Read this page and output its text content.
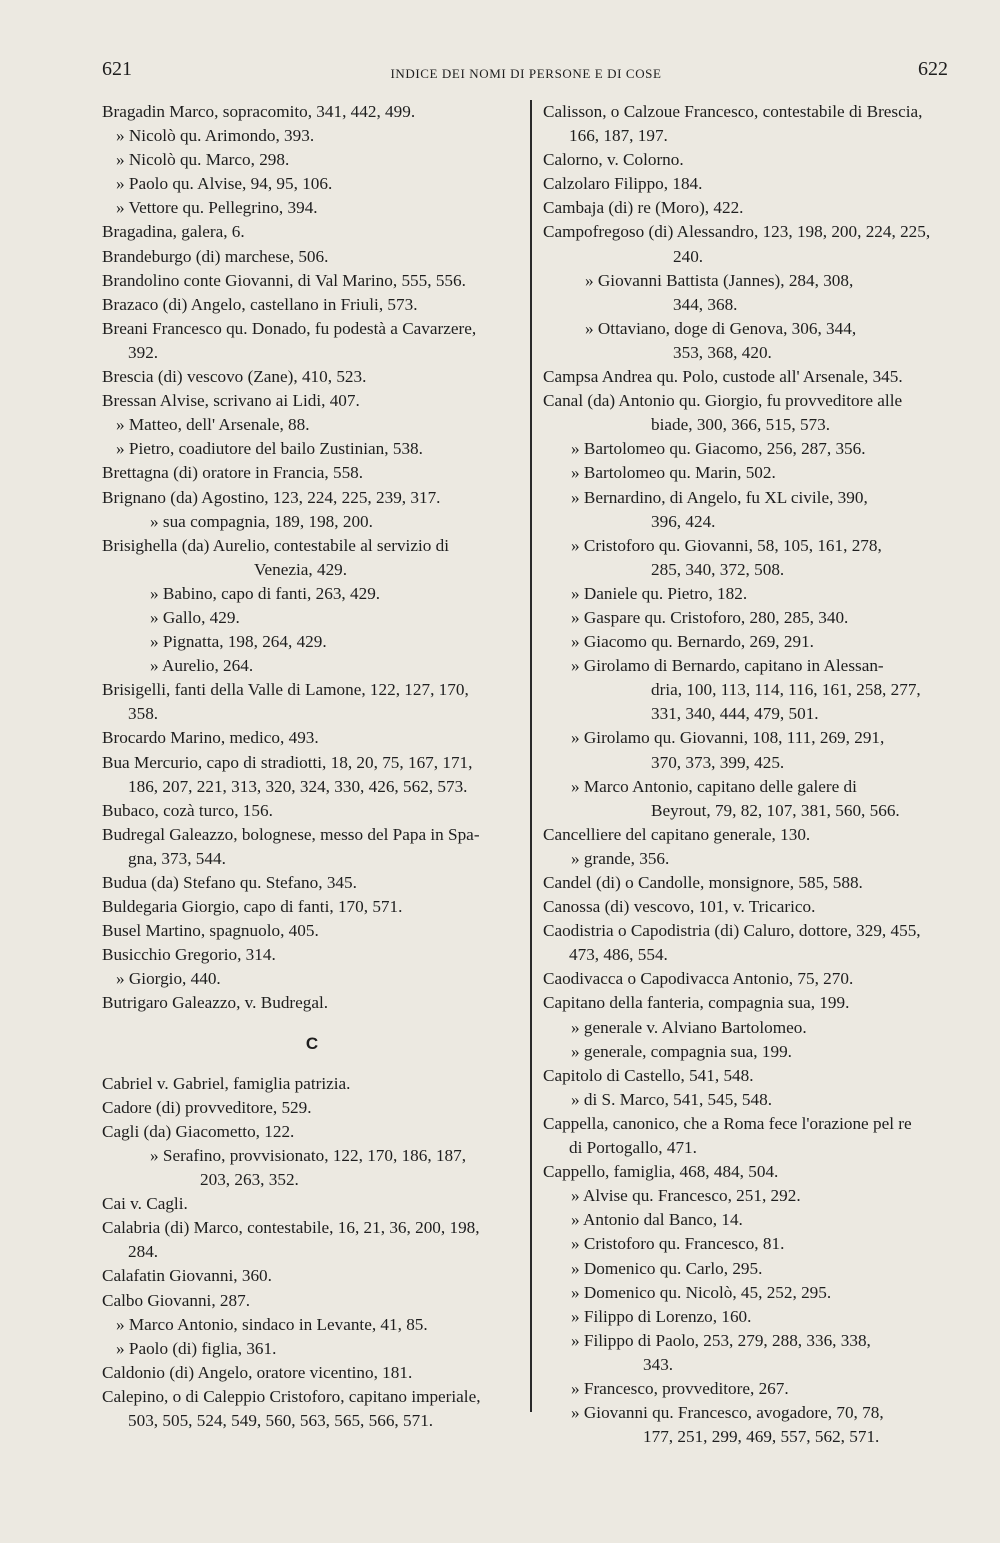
621	INDICE DEI NOMI DI PERSONE E DI COSE	622
Bragadin Marco, sopracomito, 341, 442, 499.
» Nicolò qu. Arimondo, 393.
» Nicolò qu. Marco, 298.
» Paolo qu. Alvise, 94, 95, 106.
» Vettore qu. Pellegrino, 394.
Bragadina, galera, 6.
Brandeburgo (di) marchese, 506.
Brandolino conte Giovanni, di Val Marino, 555, 556.
Brazaco (di) Angelo, castellano in Friuli, 573.
Breani Francesco qu. Donado, fu podestà a Cavarzere,
392.
Brescia (di) vescovo (Zane), 410, 523.
Bressan Alvise, scrivano ai Lidi, 407.
» Matteo, dell' Arsenale, 88.
» Pietro, coadiutore del bailo Zustinian, 538.
Brettagna (di) oratore in Francia, 558.
Brignano (da) Agostino, 123, 224, 225, 239, 317.
» sua compagnia, 189, 198, 200.
Brisighella (da) Aurelio, contestabile al servizio di
Venezia, 429.
» Babino, capo di fanti, 263, 429.
» Gallo, 429.
» Pignatta, 198, 264, 429.
» Aurelio, 264.
Brisigelli, fanti della Valle di Lamone, 122, 127, 170,
358.
Brocardo Marino, medico, 493.
Bua Mercurio, capo di stradiotti, 18, 20, 75, 167, 171,
186, 207, 221, 313, 320, 324, 330, 426, 562, 573.
Bubaco, cozà turco, 156.
Budregal Galeazzo, bolognese, messo del Papa in Spa-
gna, 373, 544.
Budua (da) Stefano qu. Stefano, 345.
Buldegaria Giorgio, capo di fanti, 170, 571.
Busel Martino, spagnuolo, 405.
Busicchio Gregorio, 314.
» Giorgio, 440.
Butrigaro Galeazzo, v. Budregal.
C
Cabriel v. Gabriel, famiglia patrizia.
Cadore (di) provveditore, 529.
Cagli (da) Giacometto, 122.
» Serafino, provvisionato, 122, 170, 186, 187,
203, 263, 352.
Cai v. Cagli.
Calabria (di) Marco, contestabile, 16, 21, 36, 200, 198,
284.
Calafatin Giovanni, 360.
Calbo Giovanni, 287.
» Marco Antonio, sindaco in Levante, 41, 85.
» Paolo (di) figlia, 361.
Caldonio (di) Angelo, oratore vicentino, 181.
Calepino, o di Caleppio Cristoforo, capitano imperiale,
503, 505, 524, 549, 560, 563, 565, 566, 571.
Calisson, o Calzoue Francesco, contestabile di Brescia,
166, 187, 197.
Calorno, v. Colorno.
Calzolaro Filippo, 184.
Cambaja (di) re (Moro), 422.
Campofregoso (di) Alessandro, 123, 198, 200, 224, 225,
240.
» Giovanni Battista (Jannes), 284, 308,
344, 368.
» Ottaviano, doge di Genova, 306, 344,
353, 368, 420.
Campsa Andrea qu. Polo, custode all' Arsenale, 345.
Canal (da) Antonio qu. Giorgio, fu provveditore alle
biade, 300, 366, 515, 573.
» Bartolomeo qu. Giacomo, 256, 287, 356.
» Bartolomeo qu. Marin, 502.
» Bernardino, di Angelo, fu XL civile, 390,
396, 424.
» Cristoforo qu. Giovanni, 58, 105, 161, 278,
285, 340, 372, 508.
» Daniele qu. Pietro, 182.
» Gaspare qu. Cristoforo, 280, 285, 340.
» Giacomo qu. Bernardo, 269, 291.
» Girolamo di Bernardo, capitano in Alessan-
dria, 100, 113, 114, 116, 161, 258, 277,
331, 340, 444, 479, 501.
» Girolamo qu. Giovanni, 108, 111, 269, 291,
370, 373, 399, 425.
» Marco Antonio, capitano delle galere di
Beyrout, 79, 82, 107, 381, 560, 566.
Cancelliere del capitano generale, 130.
» grande, 356.
Candel (di) o Candolle, monsignore, 585, 588.
Canossa (di) vescovo, 101, v. Tricarico.
Caodistria o Capodistria (di) Caluro, dottore, 329, 455,
473, 486, 554.
Caodivacca o Capodivacca Antonio, 75, 270.
Capitano della fanteria, compagnia sua, 199.
» generale v. Alviano Bartolomeo.
» generale, compagnia sua, 199.
Capitolo di Castello, 541, 548.
» di S. Marco, 541, 545, 548.
Cappella, canonico, che a Roma fece l'orazione pel re
di Portogallo, 471.
Cappello, famiglia, 468, 484, 504.
» Alvise qu. Francesco, 251, 292.
» Antonio dal Banco, 14.
» Cristoforo qu. Francesco, 81.
» Domenico qu. Carlo, 295.
» Domenico qu. Nicolò, 45, 252, 295.
» Filippo di Lorenzo, 160.
» Filippo di Paolo, 253, 279, 288, 336, 338,
343.
» Francesco, provveditore, 267.
» Giovanni qu. Francesco, avogadore, 70, 78,
177, 251, 299, 469, 557, 562, 571.
